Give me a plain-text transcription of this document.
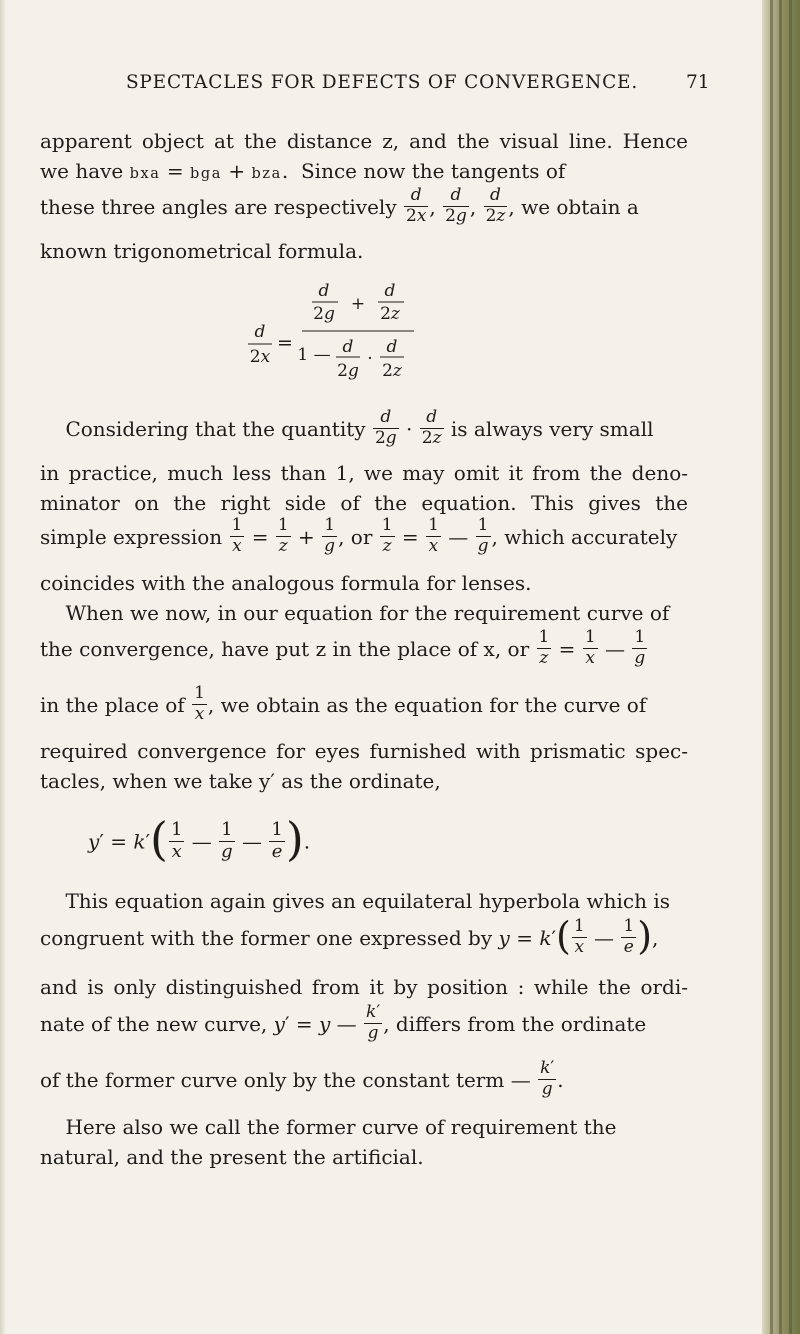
SPECTACLES FOR DEFECTS OF CONVERGENCE.	71
apparent object at the distance z, and the visual line. Hence
we have bxa = bga + bza.  Since now the tangents of
these three angles are respectively $\frac{d}{2x}$ , $\frac{d}{2g}$ , $\frac{d}{2z}$ , we obtain a
known trigonometrical formula.
d
2x
=
d
2g +
d
2z
1 — d
2g
·
d
2z
Considering that the quantity $\frac{d}{2g} \cdot \frac{d}{2z}$ is always very small
in practice, much less than 1, we may omit it from the deno-
minator on the right side of the equation. This gives the
simple expression $\frac{1}{x} = \frac{1}{z} + \frac{1}{g}$ , or $\frac{1}{z} = \frac{1}{x}$ — $\frac{1}{g}$ , which accurately
coincides with the analogous formula for lenses.
When we now, in our equation for the requirement curve of
the convergence, have put z in the place of x, or $\frac{1}{z} = \frac{1}{x}$ — $\frac{1}{g}$
in the place of $\frac{1}{x}$ , we obtain as the equation for the curve of
required convergence for eyes furnished with prismatic spec-
tacles, when we take y′ as the ordinate,
$y' = k'( \frac{1}{x}$ — $\frac{1}{g}$ — $\frac{1}{e}$ ).
This equation again gives an equilateral hyperbola which is
congruent with the former one expressed by $y = k'( \frac{1}{x}$ — $\frac{1}{e}$ ),
and is only distinguished from it by position : while the ordi-
nate of the new curve, y′ = y — $\frac{k'}{g}$ , differs from the ordinate
of the former curve only by the constant term — $\frac{k'}{g}$ .
Here also we call the former curve of requirement the
natural, and the present the artificial.
